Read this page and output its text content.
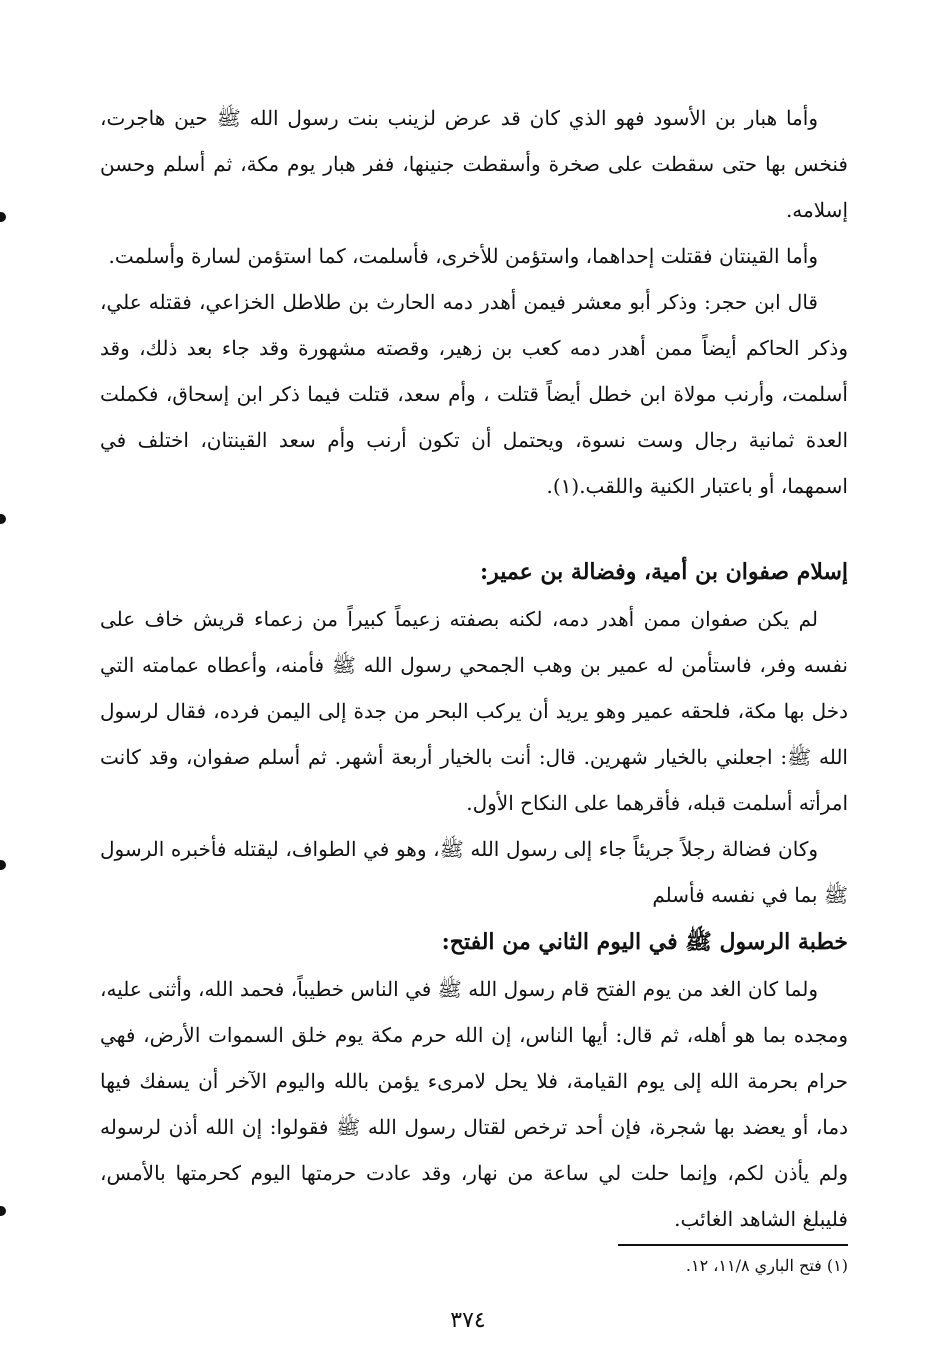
وأما هبار بن الأسود فهو الذي كان قد عرض لزينب بنت رسول الله ﷺ حين هاجرت، فنخس بها حتى سقطت على صخرة وأسقطت جنينها، ففر هبار يوم مكة، ثم أسلم وحسن إسلامه.

وأما القينتان فقتلت إحداهما، واستؤمن للأخرى، فأسلمت، كما استؤمن لسارة وأسلمت.

قال ابن حجر: وذكر أبو معشر فيمن أهدر دمه الحارث بن طلاطل الخزاعي، فقتله علي، وذكر الحاكم أيضاً ممن أهدر دمه كعب بن زهير، وقصته مشهورة وقد جاء بعد ذلك، وقد أسلمت، وأرنب مولاة ابن خطل أيضاً قتلت ، وأم سعد، قتلت فيما ذكر ابن إسحاق، فكملت العدة ثمانية رجال وست نسوة، ويحتمل أن تكون أرنب وأم سعد القينتان، اختلف في اسمهما، أو باعتبار الكنية واللقب.(١).

إسلام صفوان بن أمية، وفضالة بن عمير:

لم يكن صفوان ممن أهدر دمه، لكنه بصفته زعيماً كبيراً من زعماء قريش خاف على نفسه وفر، فاستأمن له عمير بن وهب الجمحي رسول الله ﷺ فأمنه، وأعطاه عمامته التي دخل بها مكة، فلحقه عمير وهو يريد أن يركب البحر من جدة إلى اليمن فرده، فقال لرسول الله ﷺ: اجعلني بالخيار شهرين. قال: أنت بالخيار أربعة أشهر. ثم أسلم صفوان، وقد كانت امرأته أسلمت قبله، فأقرهما على النكاح الأول.

وكان فضالة رجلاً جريئاً جاء إلى رسول الله ﷺ، وهو في الطواف، ليقتله فأخبره الرسول ﷺ بما في نفسه فأسلم

خطبة الرسول ﷺ في اليوم الثاني من الفتح:

ولما كان الغد من يوم الفتح قام رسول الله ﷺ في الناس خطيباً، فحمد الله، وأثنى عليه، ومجده بما هو أهله، ثم قال: أيها الناس، إن الله حرم مكة يوم خلق السموات الأرض، فهي حرام بحرمة الله إلى يوم القيامة، فلا يحل لامرىء يؤمن بالله واليوم الآخر أن يسفك فيها دما، أو يعضد بها شجرة، فإن أحد ترخص لقتال رسول الله ﷺ فقولوا: إن الله أذن لرسوله ولم يأذن لكم، وإنما حلت لي ساعة من نهار، وقد عادت حرمتها اليوم كحرمتها بالأمس، فليبلغ الشاهد الغائب.

(١) فتح الباري ١١/٨، ١٢.

٣٧٤
